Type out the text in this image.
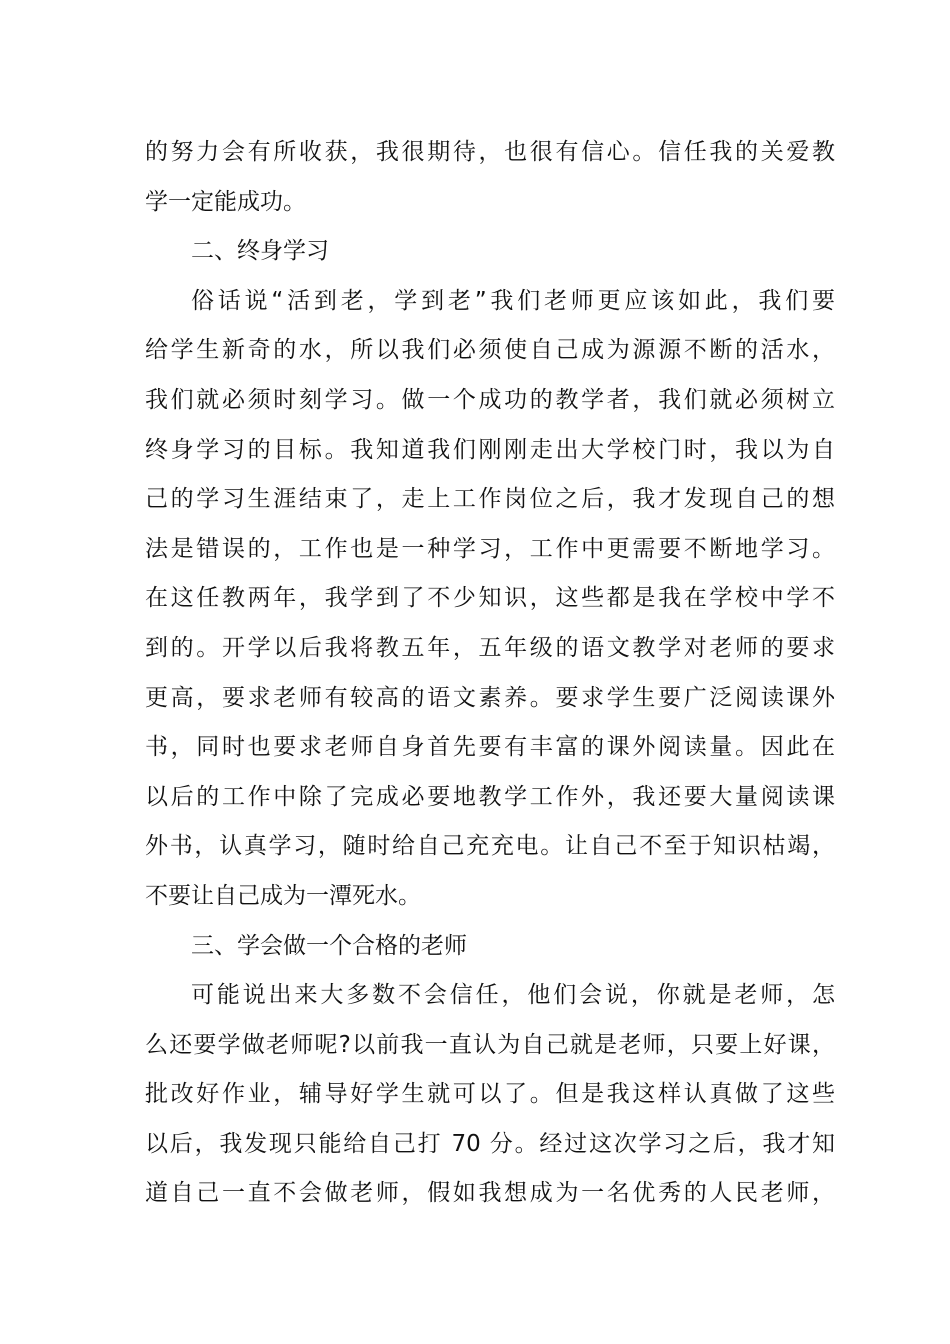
的努力会有所收获，我很期待，也很有信心。信任我的关爱教
学一定能成功。
二、终身学习
俗话说“活到老，学到老”我们老师更应该如此，我们要
给学生新奇的水，所以我们必须使自己成为源源不断的活水，
我们就必须时刻学习。做一个成功的教学者，我们就必须树立
终身学习的目标。我知道我们刚刚走出大学校门时，我以为自
己的学习生涯结束了，走上工作岗位之后，我才发现自己的想
法是错误的，工作也是一种学习，工作中更需要不断地学习。
在这任教两年，我学到了不少知识，这些都是我在学校中学不
到的。开学以后我将教五年，五年级的语文教学对老师的要求
更高，要求老师有较高的语文素养。要求学生要广泛阅读课外
书，同时也要求老师自身首先要有丰富的课外阅读量。因此在
以后的工作中除了完成必要地教学工作外，我还要大量阅读课
外书，认真学习，随时给自己充充电。让自己不至于知识枯竭，
不要让自己成为一潭死水。
三、学会做一个合格的老师
可能说出来大多数不会信任，他们会说，你就是老师，怎
么还要学做老师呢?以前我一直认为自己就是老师，只要上好课，
批改好作业，辅导好学生就可以了。但是我这样认真做了这些
以后，我发现只能给自己打 70 分。经过这次学习之后，我才知
道自己一直不会做老师，假如我想成为一名优秀的人民老师，
